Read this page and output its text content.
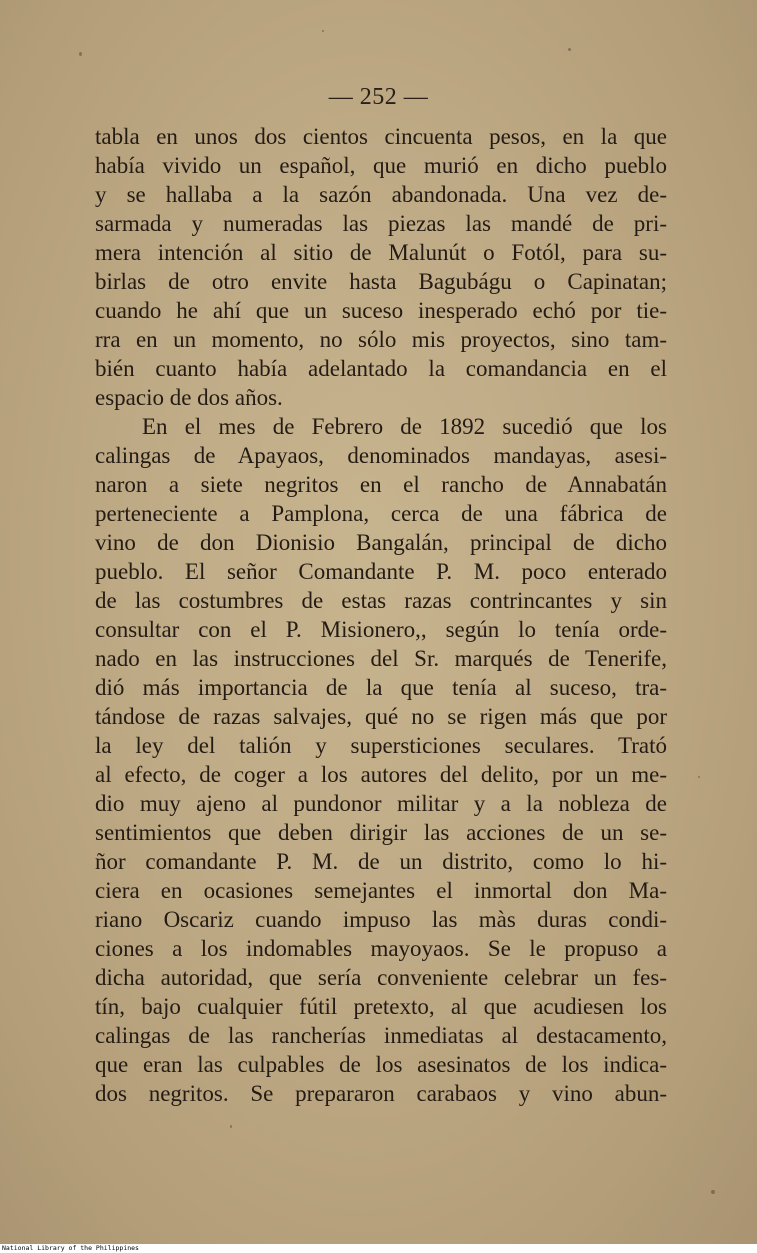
— 252 —
tabla en unos dos cientos cincuenta pesos, en la que
había vivido un español, que murió en dicho pueblo
y se hallaba a la sazón abandonada. Una vez de-
sarmada y numeradas las piezas las mandé de pri-
mera intención al sitio de Malunút o Fotól, para su-
birlas de otro envite hasta Bagubágu o Capinatan;
cuando he ahí que un suceso inesperado echó por tie-
rra en un momento, no sólo mis proyectos, sino tam-
bién cuanto había adelantado la comandancia en el
espacio de dos años.
En el mes de Febrero de 1892 sucedió que los
calingas de Apayaos, denominados mandayas, asesi-
naron a siete negritos en el rancho de Annabatán
perteneciente a Pamplona, cerca de una fábrica de
vino de don Dionisio Bangalán, principal de dicho
pueblo. El señor Comandante P. M. poco enterado
de las costumbres de estas razas contrincantes y sin
consultar con el P. Misionero,, según lo tenía orde-
nado en las instrucciones del Sr. marqués de Tenerife,
dió más importancia de la que tenía al suceso, tra-
tándose de razas salvajes, qué no se rigen más que por
la ley del talión y supersticiones seculares. Trató
al efecto, de coger a los autores del delito, por un me-
dio muy ajeno al pundonor militar y a la nobleza de
sentimientos que deben dirigir las acciones de un se-
ñor comandante P. M. de un distrito, como lo hi-
ciera en ocasiones semejantes el inmortal don Ma-
riano Oscariz cuando impuso las màs duras condi-
ciones a los indomables mayoyaos. Se le propuso a
dicha autoridad, que sería conveniente celebrar un fes-
tín, bajo cualquier fútil pretexto, al que acudiesen los
calingas de las rancherías inmediatas al destacamento,
que eran las culpables de los asesinatos de los indica-
dos negritos. Se prepararon carabaos y vino abun-
National Library of the Philippines
